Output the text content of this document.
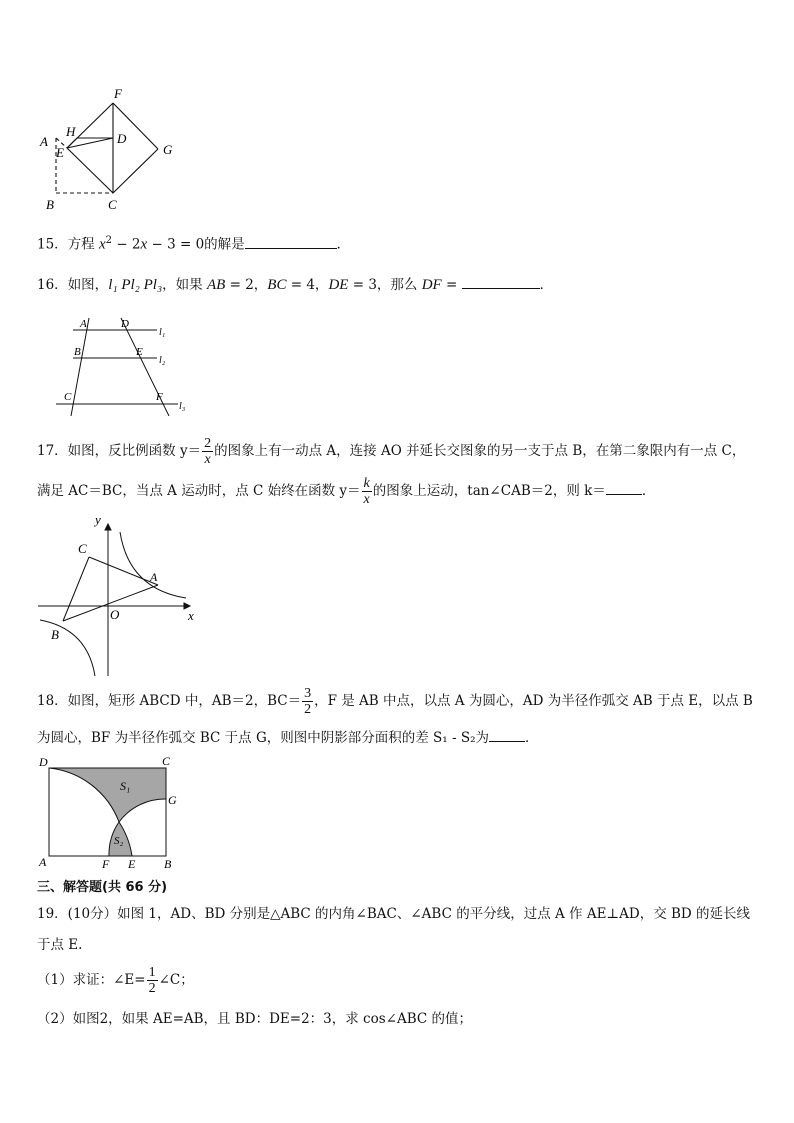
F
H	D
A
E	G
B	C
15．方程 $x^2 - 2x - 3 = 0$的解是	．
16．如图，l₁ Pl₂ Pl₃，如果 AB = 2，BC = 4，DE = 3，那么 DF =	．
A	D
B	E
C	F
l₁
l₂
l₃
17．如图，反比例函数 $y= \frac{2}{x}$ 的图象上有一动点 A，连接 AO 并延长交图象的另一支于点 B，在第二象限内有一点 C，
满足 AC＝BC，当点 A 运动时，点 C 始终在函数 $y= \frac{k}{x}$ 的图象上运动，tan∠CAB＝2，则 k＝	．
y
x
C
A
O
B
18．如图，矩形 ABCD 中，AB＝2，$BC= \frac{3}{2}$ ，F 是 AB 中点，以点 A 为圆心，AD 为半径作弧交 AB 于点 E，以点 B
为圆心，BF 为半径作弧交 BC 于点 G，则图中阴影部分面积的差 S₁ - S₂为	．
D	C
S₁
G
S₂
A	F E B
三、解答题(共 66 分)
19．(10分）如图 1，AD、BD 分别是△ABC 的内角∠BAC、∠ABC 的平分线，过点 A 作 AE⊥AD，交 BD 的延长线
于点 E.
（1）求证：∠E= $\frac{1}{2}$ ∠C；
（2）如图2，如果 AE=AB，且 BD：DE=2：3，求 cos∠ABC 的值；
